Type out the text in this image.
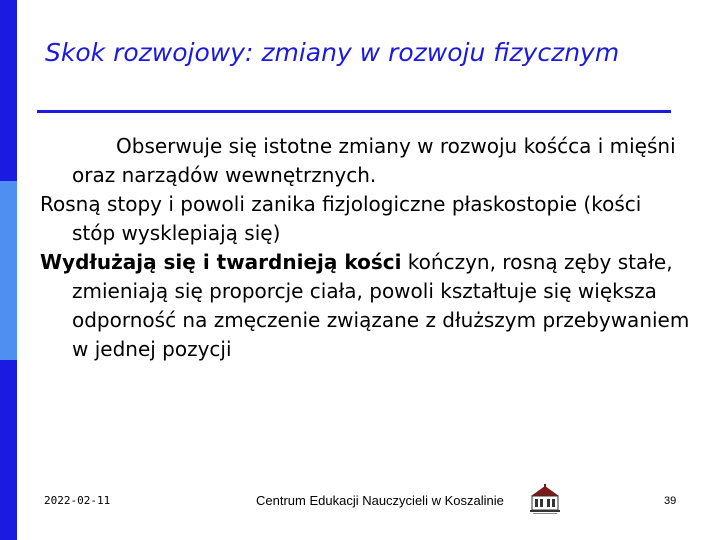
Skok rozwojowy: zmiany w rozwoju fizycznym

Obserwuje się istotne zmiany w rozwoju kośćca i mięśni oraz narządów wewnętrznych.

Rosną stopy i powoli zanika fizjologiczne płaskostopie (kości stóp wysklepiają się)

Wydłużają się i twardnieją kości kończyn, rosną zęby stałe, zmieniają się proporcje ciała, powoli kształtuje się większa odporność na zmęczenie związane z dłuższym przebywaniem w jednej pozycji

2022-02-11	Centrum Edukacji Nauczycieli w Koszalinie	39
